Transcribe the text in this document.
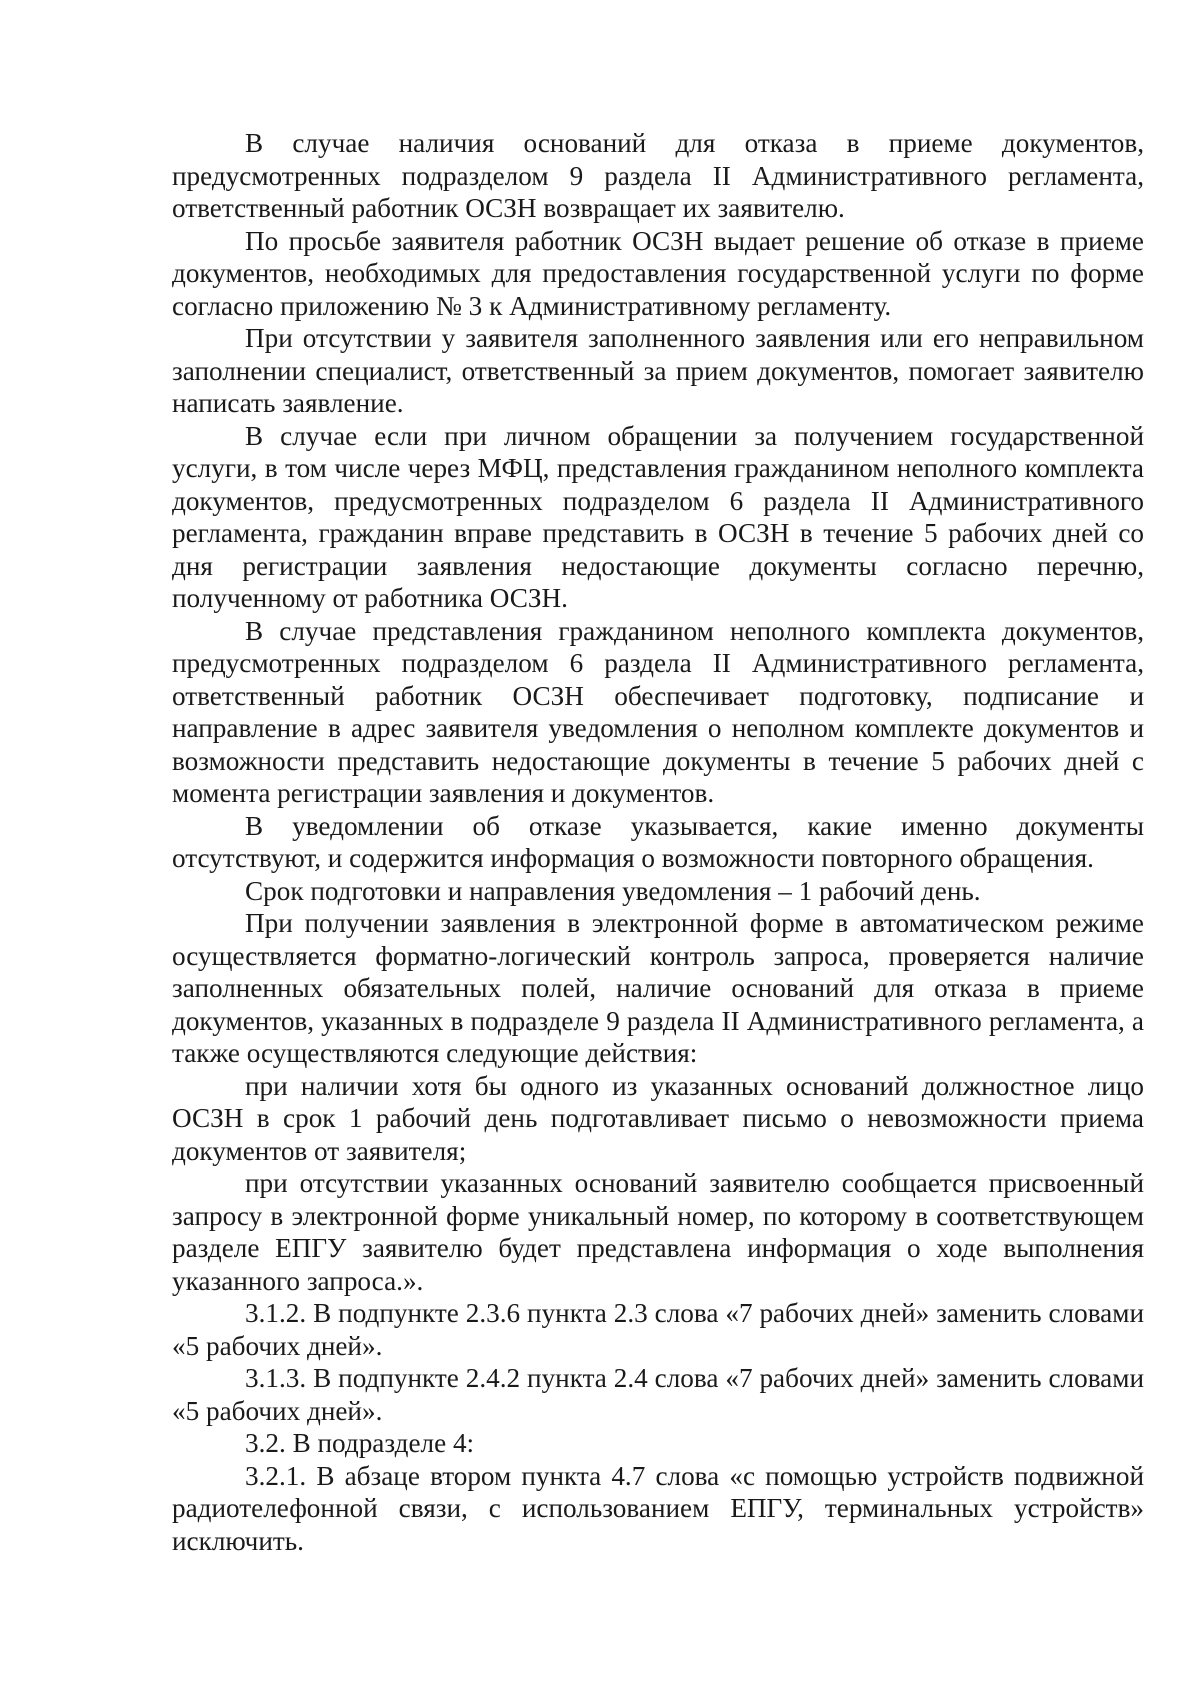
В случае наличия оснований для отказа в приеме документов, предусмотренных подразделом 9 раздела II Административного регламента, ответственный работник ОСЗН возвращает их заявителю.

По просьбе заявителя работник ОСЗН выдает решение об отказе в приеме документов, необходимых для предоставления государственной услуги по форме согласно приложению № 3 к Административному регламенту.

При отсутствии у заявителя заполненного заявления или его неправильном заполнении специалист, ответственный за прием документов, помогает заявителю написать заявление.

В случае если при личном обращении за получением государственной услуги, в том числе через МФЦ, представления гражданином неполного комплекта документов, предусмотренных подразделом 6 раздела II Административного регламента, гражданин вправе представить в ОСЗН в течение 5 рабочих дней со дня регистрации заявления недостающие документы согласно перечню, полученному от работника ОСЗН.

В случае представления гражданином неполного комплекта документов, предусмотренных подразделом 6 раздела II Административного регламента, ответственный работник ОСЗН обеспечивает подготовку, подписание и направление в адрес заявителя уведомления о неполном комплекте документов и возможности представить недостающие документы в течение 5 рабочих дней с момента регистрации заявления и документов.

В уведомлении об отказе указывается, какие именно документы отсутствуют, и содержится информация о возможности повторного обращения.

Срок подготовки и направления уведомления – 1 рабочий день.

При получении заявления в электронной форме в автоматическом режиме осуществляется форматно-логический контроль запроса, проверяется наличие заполненных обязательных полей, наличие оснований для отказа в приеме документов, указанных в подразделе 9 раздела II Административного регламента, а также осуществляются следующие действия:

при наличии хотя бы одного из указанных оснований должностное лицо ОСЗН в срок 1 рабочий день подготавливает письмо о невозможности приема документов от заявителя;

при отсутствии указанных оснований заявителю сообщается присвоенный запросу в электронной форме уникальный номер, по которому в соответствующем разделе ЕПГУ заявителю будет представлена информация о ходе выполнения указанного запроса.».

3.1.2. В подпункте 2.3.6 пункта 2.3 слова «7 рабочих дней» заменить словами «5 рабочих дней».

3.1.3. В подпункте 2.4.2 пункта 2.4 слова «7 рабочих дней» заменить словами «5 рабочих дней».

3.2. В подразделе 4:

3.2.1. В абзаце втором пункта 4.7 слова «с помощью устройств подвижной радиотелефонной связи, с использованием ЕПГУ, терминальных устройств» исключить.
